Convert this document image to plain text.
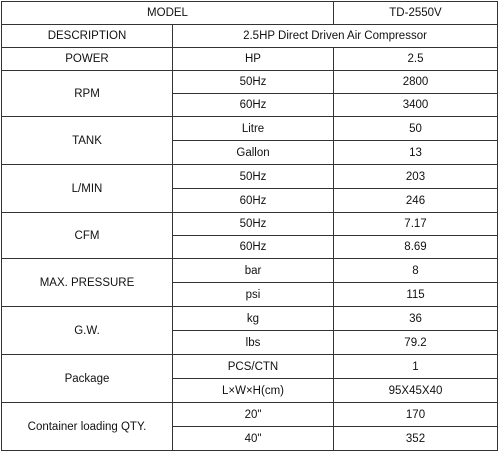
MODEL		TD-2550V
DESCRIPTION	2.5HP Direct Driven Air Compressor	
POWER	HP	2.5
RPM	50Hz	2800
	60Hz	3400
TANK	Litre	50
	Gallon	13
L/MIN	50Hz	203
	60Hz	246
CFM	50Hz	7.17
	60Hz	8.69
MAX. PRESSURE	bar	8
	psi	115
G.W.	kg	36
	lbs	79.2
Package	PCS/CTN	1
	L×W×H(cm)	95X45X40
Container loading QTY.	20"	170
	40"	352
